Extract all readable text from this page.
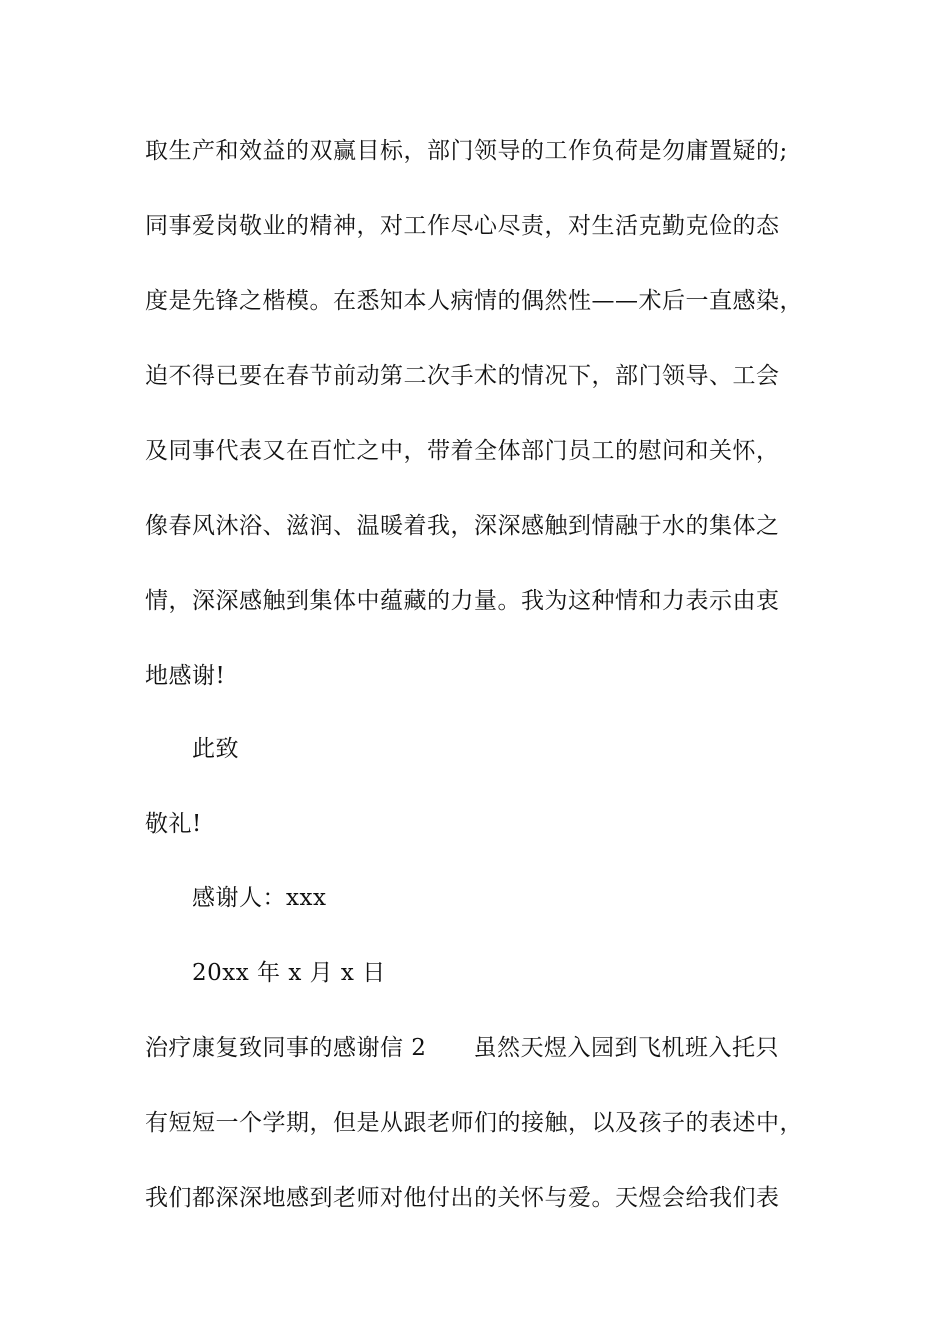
取生产和效益的双赢目标，部门领导的工作负荷是勿庸置疑的;
同事爱岗敬业的精神，对工作尽心尽责，对生活克勤克俭的态
度是先锋之楷模。在悉知本人病情的偶然性——术后一直感染，
迫不得已要在春节前动第二次手术的情况下，部门领导、工会
及同事代表又在百忙之中，带着全体部门员工的慰问和关怀，
像春风沐浴、滋润、温暖着我，深深感触到情融于水的集体之
情，深深感触到集体中蕴藏的力量。我为这种情和力表示由衷
地感谢!
此致
敬礼!
感谢人：xxx
20xx 年 x 月 x 日
治疗康复致同事的感谢信 2　　虽然天煜入园到飞机班入托只
有短短一个学期，但是从跟老师们的接触，以及孩子的表述中，
我们都深深地感到老师对他付出的关怀与爱。天煜会给我们表
